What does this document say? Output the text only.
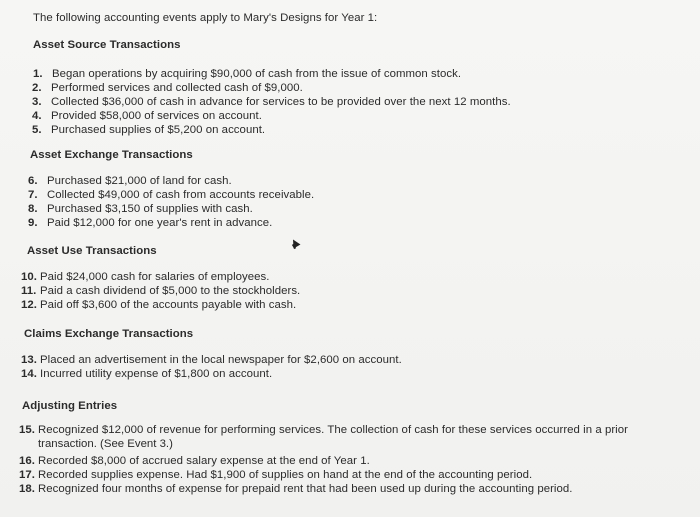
The following accounting events apply to Mary's Designs for Year 1:
Asset Source Transactions
1. Began operations by acquiring $90,000 of cash from the issue of common stock.
2. Performed services and collected cash of $9,000.
3. Collected $36,000 of cash in advance for services to be provided over the next 12 months.
4. Provided $58,000 of services on account.
5. Purchased supplies of $5,200 on account.
Asset Exchange Transactions
6. Purchased $21,000 of land for cash.
7. Collected $49,000 of cash from accounts receivable.
8. Purchased $3,150 of supplies with cash.
9. Paid $12,000 for one year's rent in advance.
Asset Use Transactions
10. Paid $24,000 cash for salaries of employees.
11. Paid a cash dividend of $5,000 to the stockholders.
12. Paid off $3,600 of the accounts payable with cash.
Claims Exchange Transactions
13. Placed an advertisement in the local newspaper for $2,600 on account.
14. Incurred utility expense of $1,800 on account.
Adjusting Entries
15. Recognized $12,000 of revenue for performing services. The collection of cash for these services occurred in a prior
transaction. (See Event 3.)
16. Recorded $8,000 of accrued salary expense at the end of Year 1.
17. Recorded supplies expense. Had $1,900 of supplies on hand at the end of the accounting period.
18. Recognized four months of expense for prepaid rent that had been used up during the accounting period.
